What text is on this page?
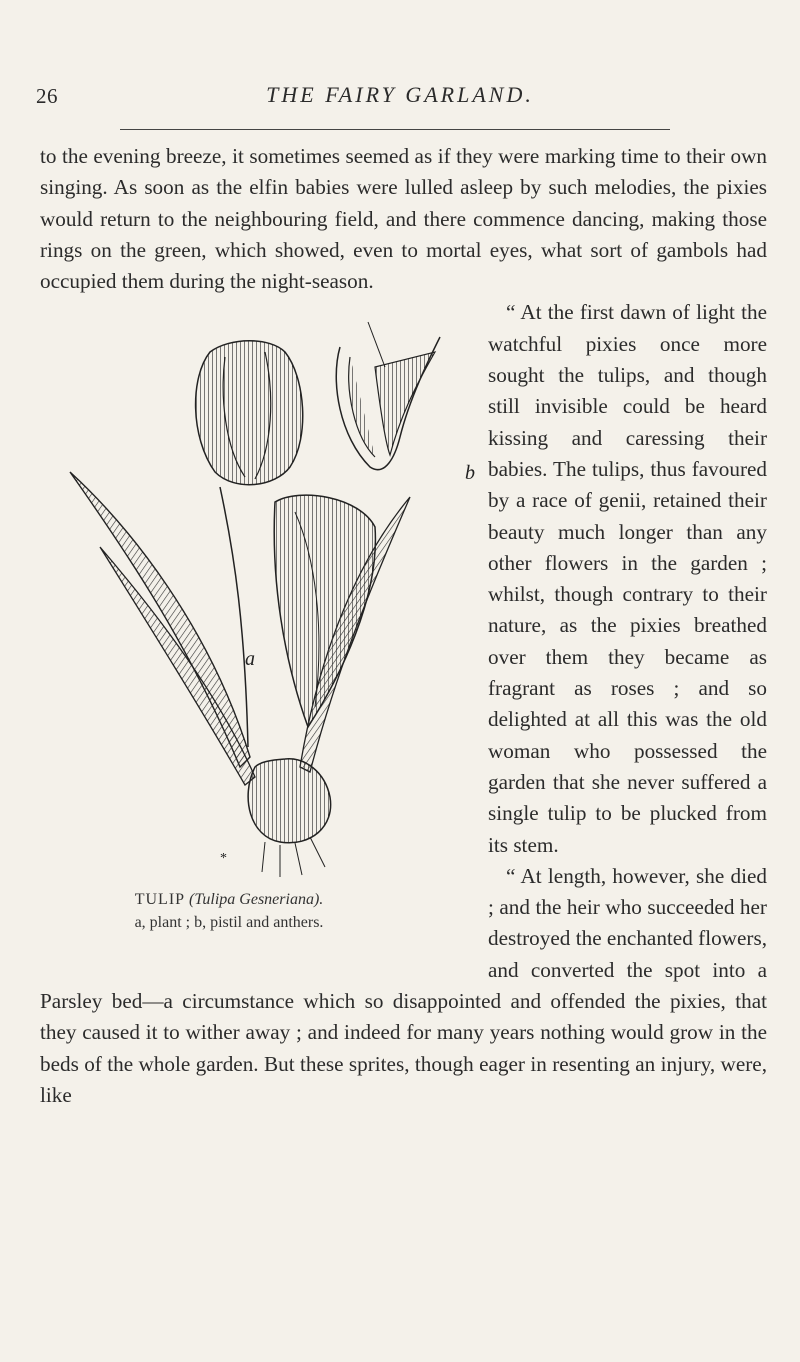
26	THE FAIRY GARLAND.

to the evening breeze, it sometimes seemed as if they were marking time to their own singing. As soon as the elfin babies were lulled asleep by such melodies, the pixies would return to the neighbouring field, and there commence dancing, making those rings on the green, which showed, even to mortal eyes, what sort of gambols had occupied them during the night-season.

a
b
*
TULIP (Tulipa Gesneriana).
a, plant ; b, pistil and anthers.

“ At the first dawn of light the watchful pixies once more sought the tulips, and though still invisible could be heard kissing and caressing their babies. The tulips, thus favoured by a race of genii, retained their beauty much longer than any other flowers in the garden ; whilst, though contrary to their nature, as the pixies breathed over them they became as fragrant as roses ; and so delighted at all this was the old woman who possessed the garden that she never suffered a single tulip to be plucked from its stem.

“ At length, however, she died ; and the heir who succeeded her destroyed the enchanted flowers, and converted the spot into a Parsley bed—a circumstance which so disappointed and offended the pixies, that they caused it to wither away ; and indeed for many years nothing would grow in the beds of the whole garden. But these sprites, though eager in resenting an injury, were, like
